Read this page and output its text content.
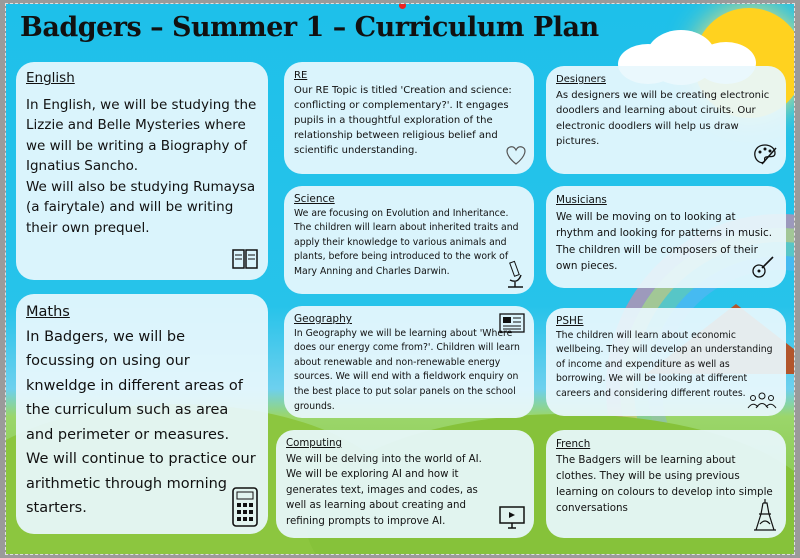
Badgers – Summer 1 – Curriculum Plan
English
In English, we will be studying the Lizzie and Belle Mysteries where we will be writing a Biography of Ignatius Sancho.
We will also be studying Rumaysa (a fairytale) and will be writing their own prequel.
Maths
In Badgers, we will be focussing on using our knweldge in different areas of the curriculum such as area and perimeter or measures.
We will continue to practice our arithmetic through morning starters.
RE
Our RE Topic is titled 'Creation and science: conflicting or complementary?'. It engages pupils in a thoughtful exploration of the relationship between religious belief and scientific understanding.
Science
We are focusing on Evolution and Inheritance. The children will learn about inherited traits and apply their knowledge to various animals and plants, before being introduced to the work of Mary Anning and Charles Darwin.
Geography
In Geography we will be learning about 'Where does our energy come from?'. Children will learn about renewable and non-renewable energy sources. We will end with a fieldwork enquiry on the best place to put solar panels on the school grounds.
Computing
We will be delving into the world of AI. We will be exploring AI and how it generates text, images and codes, as well as learning about creating and refining prompts to improve AI.
Designers
As designers we will be creating electronic doodlers and learning about ciruits. Our electronic doodlers will help us draw pictures.
Musicians
We will be moving on to looking at rhythm and looking for patterns in music. The children will be composers of their own pieces.
PSHE
The children will learn about economic wellbeing. They will develop an understanding of income and expenditure as well as borrowing. We will be looking at different careers and considering different routes.
French
The Badgers will be learning about clothes. They will be using previous learning on colours to develop into simple conversations
